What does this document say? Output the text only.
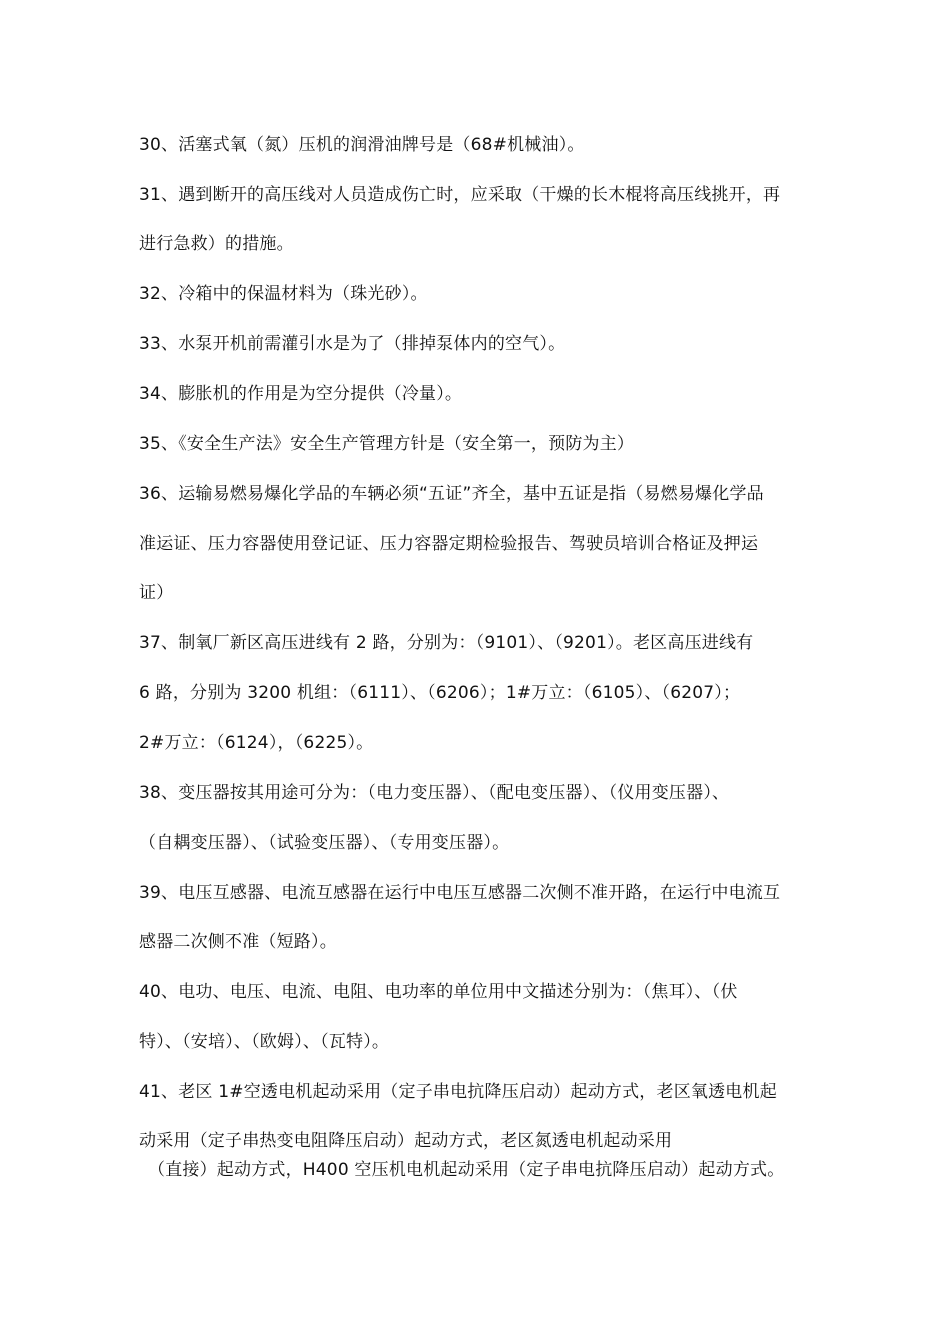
30、活塞式氧（氮）压机的润滑油牌号是（68#机械油）。
31、遇到断开的高压线对人员造成伤亡时，应采取（干燥的长木棍将高压线挑开，再
进行急救）的措施。
32、冷箱中的保温材料为（珠光砂）。
33、水泵开机前需灌引水是为了（排掉泵体内的空气）。
34、膨胀机的作用是为空分提供（冷量）。
35、《安全生产法》安全生产管理方针是（安全第一，预防为主）
36、运输易燃易爆化学品的车辆必须“五证”齐全，基中五证是指（易燃易爆化学品
准运证、压力容器使用登记证、压力容器定期检验报告、驾驶员培训合格证及押运
证）
37、制氧厂新区高压进线有 2 路，分别为：（9101）、（9201）。老区高压进线有
6 路，分别为 3200 机组：（6111）、（6206）；1#万立：（6105）、（6207）；
2#万立：（6124），（6225）。
38、变压器按其用途可分为：（电力变压器）、（配电变压器）、（仪用变压器）、
（自耦变压器）、（试验变压器）、（专用变压器）。
39、电压互感器、电流互感器在运行中电压互感器二次侧不准开路，在运行中电流互
感器二次侧不准（短路）。
40、电功、电压、电流、电阻、电功率的单位用中文描述分别为：（焦耳）、（伏
特）、（安培）、（欧姆）、（瓦特）。
41、老区 1#空透电机起动采用（定子串电抗降压启动）起动方式，老区氧透电机起
动采用（定子串热变电阻降压启动）起动方式，老区氮透电机起动采用
（直接）起动方式，H400 空压机电机起动采用（定子串电抗降压启动）起动方式。
